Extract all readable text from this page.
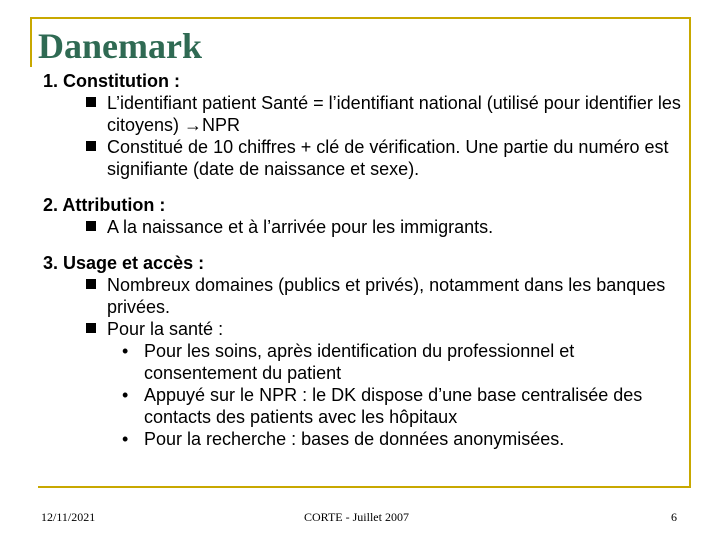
Danemark
1. Constitution :
L’identifiant patient Santé = l’identifiant national (utilisé pour identifier les citoyens) →NPR
Constitué de 10 chiffres + clé de vérification. Une partie du numéro est signifiante (date de naissance et sexe).
2. Attribution :
A la naissance et à l’arrivée pour les immigrants.
3. Usage et accès :
Nombreux domaines (publics et privés), notamment dans les banques privées.
Pour la santé :
• Pour les soins, après identification du professionnel et consentement du patient
• Appuyé sur le NPR : le DK dispose d’une base centralisée des contacts des patients avec les hôpitaux
• Pour la recherche : bases de données anonymisées.
12/11/2021	CORTE - Juillet 2007	6
